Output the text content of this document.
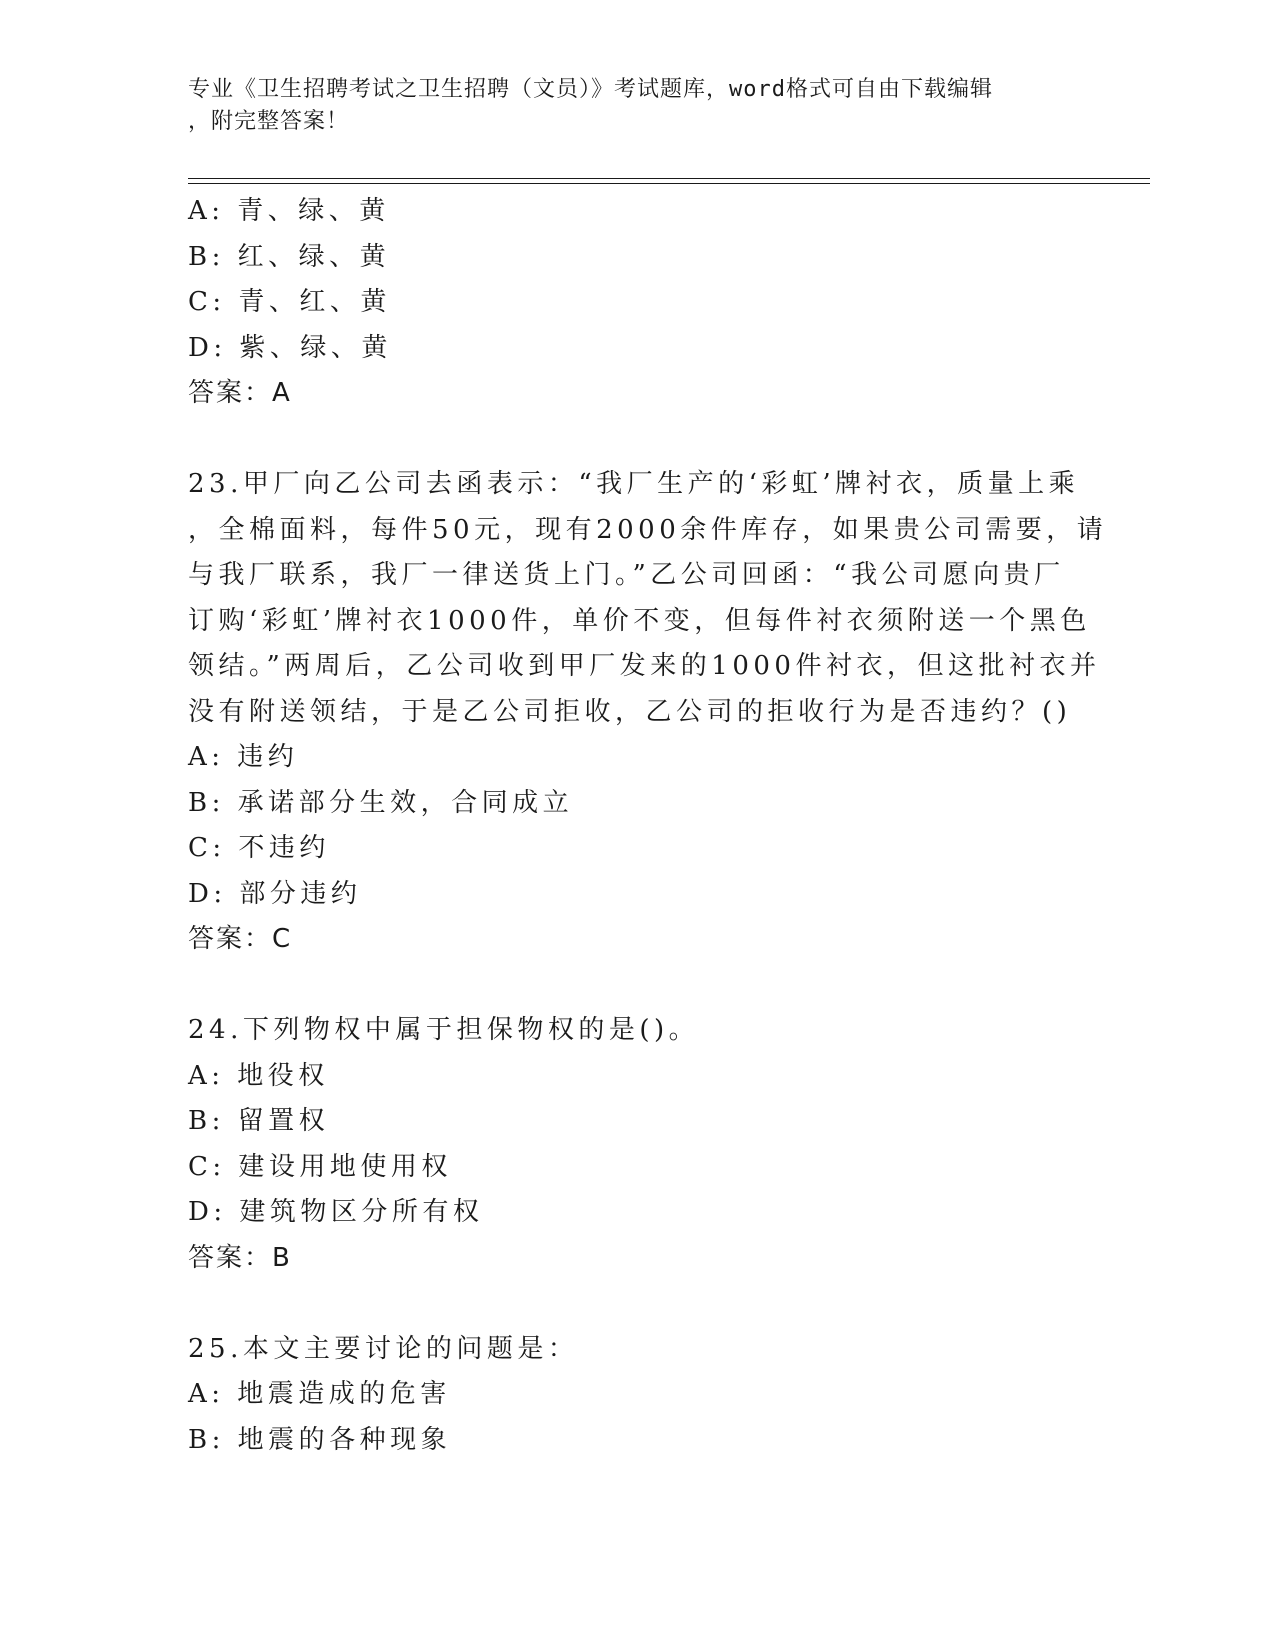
专业《卫生招聘考试之卫生招聘（文员）》考试题库，word格式可自由下载编辑
，附完整答案！
A: 青、绿、黄
B: 红、绿、黄
C: 青、红、黄
D: 紫、绿、黄
答案：A
23.甲厂向乙公司去函表示：“我厂生产的‘彩虹’牌衬衣，质量上乘
，全棉面料，每件50元，现有2000余件库存，如果贵公司需要，请
与我厂联系，我厂一律送货上门。”乙公司回函：“我公司愿向贵厂
订购‘彩虹’牌衬衣1000件，单价不变，但每件衬衣须附送一个黑色
领结。”两周后，乙公司收到甲厂发来的1000件衬衣，但这批衬衣并
没有附送领结，于是乙公司拒收，乙公司的拒收行为是否违约？()
A: 违约
B: 承诺部分生效，合同成立
C: 不违约
D: 部分违约
答案：C
24.下列物权中属于担保物权的是()。
A: 地役权
B: 留置权
C: 建设用地使用权
D: 建筑物区分所有权
答案：B
25.本文主要讨论的问题是：
A: 地震造成的危害
B: 地震的各种现象
